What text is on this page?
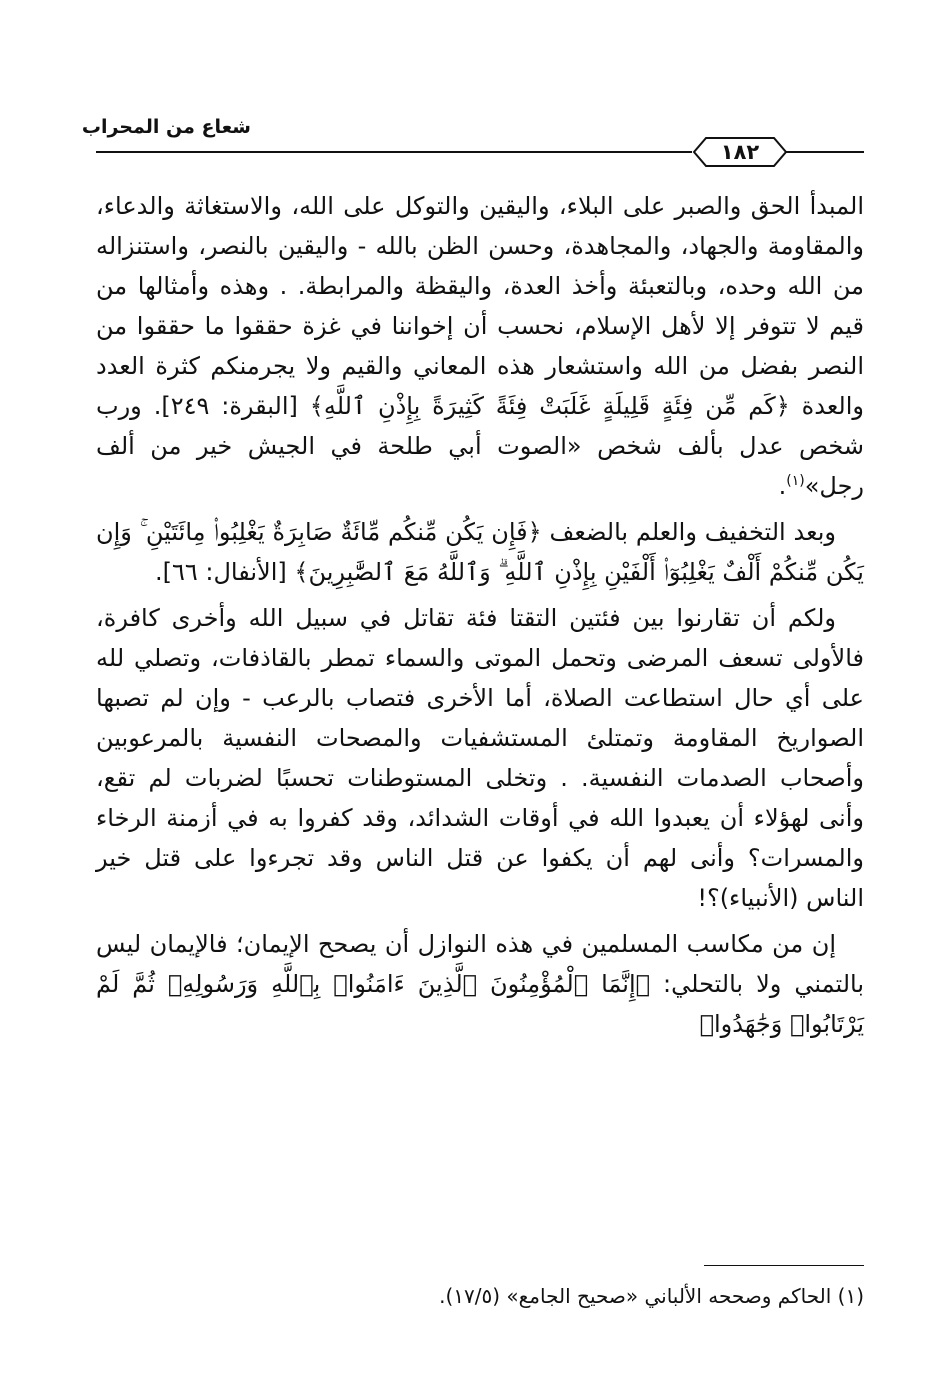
شعاع من المحراب
١٨٢

المبدأ الحق والصبر على البلاء، واليقين والتوكل على الله، والاستغاثة والدعاء، والمقاومة والجهاد، والمجاهدة، وحسن الظن بالله - واليقين بالنصر، واستنزاله من الله وحده، وبالتعبئة وأخذ العدة، واليقظة والمرابطة. . وهذه وأمثالها من قيم لا تتوفر إلا لأهل الإسلام، نحسب أن إخواننا في غزة حققوا ما حققوا من النصر بفضل من الله واستشعار هذه المعاني والقيم ولا يجرمنكم كثرة العدد والعدة ﴿كَم مِّن فِئَةٍ قَلِيلَةٍ غَلَبَتْ فِئَةً كَثِيرَةً بِإِذْنِ ٱللَّهِ﴾ [البقرة: ٢٤٩]. ورب شخص عدل بألف شخص «الصوت أبي طلحة في الجيش خير من ألف رجل»$^{(١)}$.

وبعد التخفيف والعلم بالضعف ﴿فَإِن يَكُن مِّنكُم مِّائَةٌ صَابِرَةٌ يَغْلِبُوا۟ مِائَتَيْنِ ۚ وَإِن يَكُن مِّنكُمْ أَلْفٌ يَغْلِبُوٓا۟ أَلْفَيْنِ بِإِذْنِ ٱللَّهِ ۗ وَٱللَّهُ مَعَ ٱلصَّٰبِرِينَ﴾ [الأنفال: ٦٦].

ولكم أن تقارنوا بين فئتين التقتا فئة تقاتل في سبيل الله وأخرى كافرة، فالأولى تسعف المرضى وتحمل الموتى والسماء تمطر بالقاذفات، وتصلي لله على أي حال استطاعت الصلاة، أما الأخرى فتصاب بالرعب - وإن لم تصبها الصواريخ المقاومة وتمتلئ المستشفيات والمصحات النفسية بالمرعوبين وأصحاب الصدمات النفسية. . وتخلى المستوطنات تحسبًا لضربات لم تقع، وأنى لهؤلاء أن يعبدوا الله في أوقات الشدائد، وقد كفروا به في أزمنة الرخاء والمسرات؟ وأنى لهم أن يكفوا عن قتل الناس وقد تجرءوا على قتل خير الناس (الأنبياء)؟!

إن من مكاسب المسلمين في هذه النوازل أن يصحح الإيمان؛ فالإيمان ليس بالتمني ولا بالتحلي: ﴿إِنَّمَا ٱلْمُؤْمِنُونَ ٱلَّذِينَ ءَامَنُوا۟ بِٱللَّهِ وَرَسُولِهِۦ ثُمَّ لَمْ يَرْتَابُوا۟ وَجَٰهَدُوا۟

(١) الحاكم وصححه الألباني «صحيح الجامع» (١٧/٥).
